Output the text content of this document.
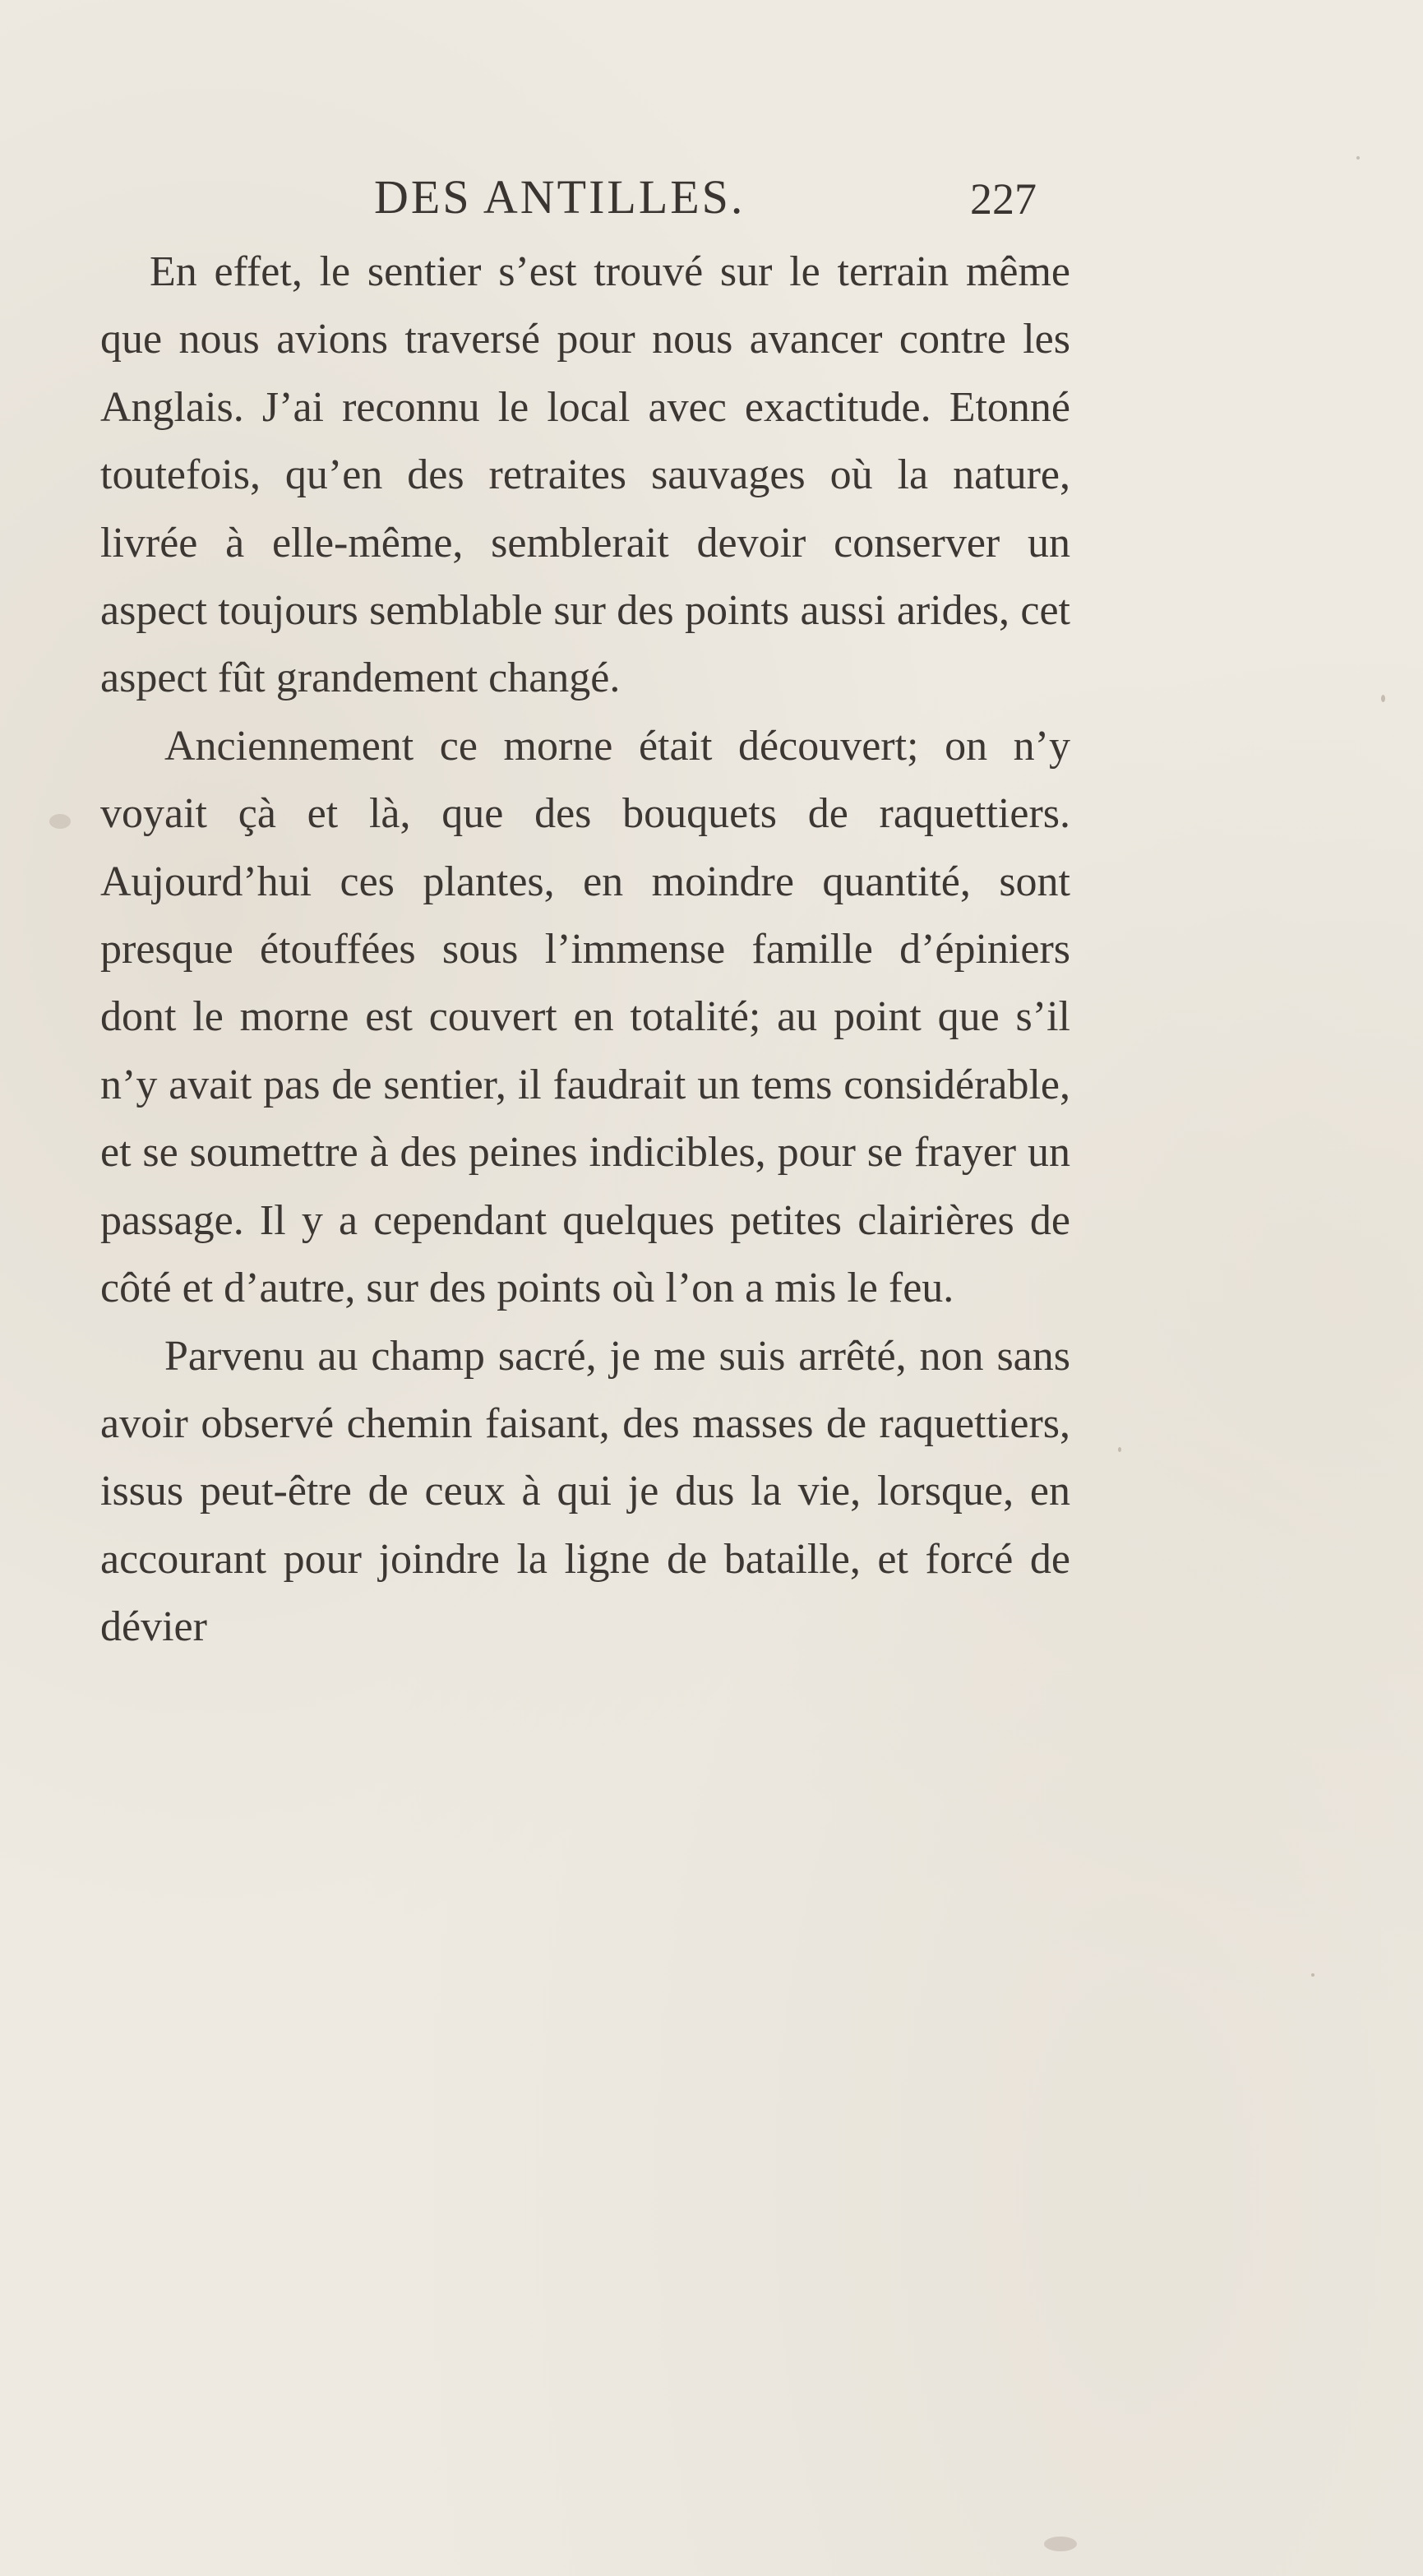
DES ANTILLES.	227

En effet, le sentier s’est trouvé sur le terrain même que nous avions traversé pour nous avancer contre les Anglais. J’ai reconnu le local avec exactitude. Etonné toutefois, qu’en des retraites sauvages où la nature, livrée à elle-même, semblerait devoir conserver un aspect toujours semblable sur des points aussi arides, cet aspect fût grandement changé.

Anciennement ce morne était découvert; on n’y voyait çà et là, que des bouquets de raquettiers. Aujourd’hui ces plantes, en moindre quantité, sont presque étouffées sous l’immense famille d’épiniers dont le morne est couvert en totalité; au point que s’il n’y avait pas de sentier, il faudrait un tems considérable, et se soumettre à des peines indicibles, pour se frayer un passage. Il y a cependant quelques petites clairières de côté et d’autre, sur des points où l’on a mis le feu.

Parvenu au champ sacré, je me suis arrêté, non sans avoir observé chemin faisant, des masses de raquettiers, issus peut-être de ceux à qui je dus la vie, lorsque, en accourant pour joindre la ligne de bataille, et forcé de dévier
